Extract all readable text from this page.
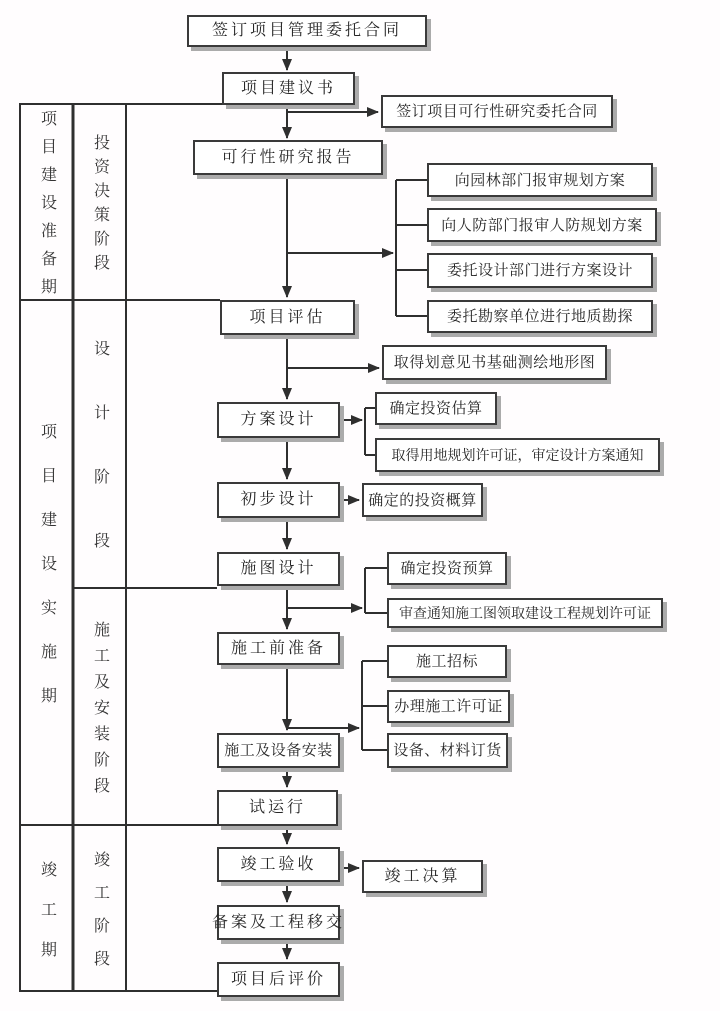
签订项目管理委托合同
项目建议书
签订项目可行性研究委托合同
可行性研究报告
向园林部门报审规划方案
向人防部门报审人防规划方案
委托设计部门进行方案设计
委托勘察单位进行地质勘探
项目评估
取得划意见书基础测绘地形图
方案设计
确定投资估算
取得用地规划许可证，审定设计方案通知
初步设计	确定的投资概算
施图设计	确定投资预算
审查通知施工图领取建设工程规划许可证
施工前准备
施工招标
办理施工许可证
设备、材料订货
施工及设备安装
试运行
竣工验收
竣工决算
备案及工程移交
项目后评价
项目建设准备期 投资决策阶段
项目建设实施期 设计阶段
施工及安装阶段
竣工期 竣工阶段
